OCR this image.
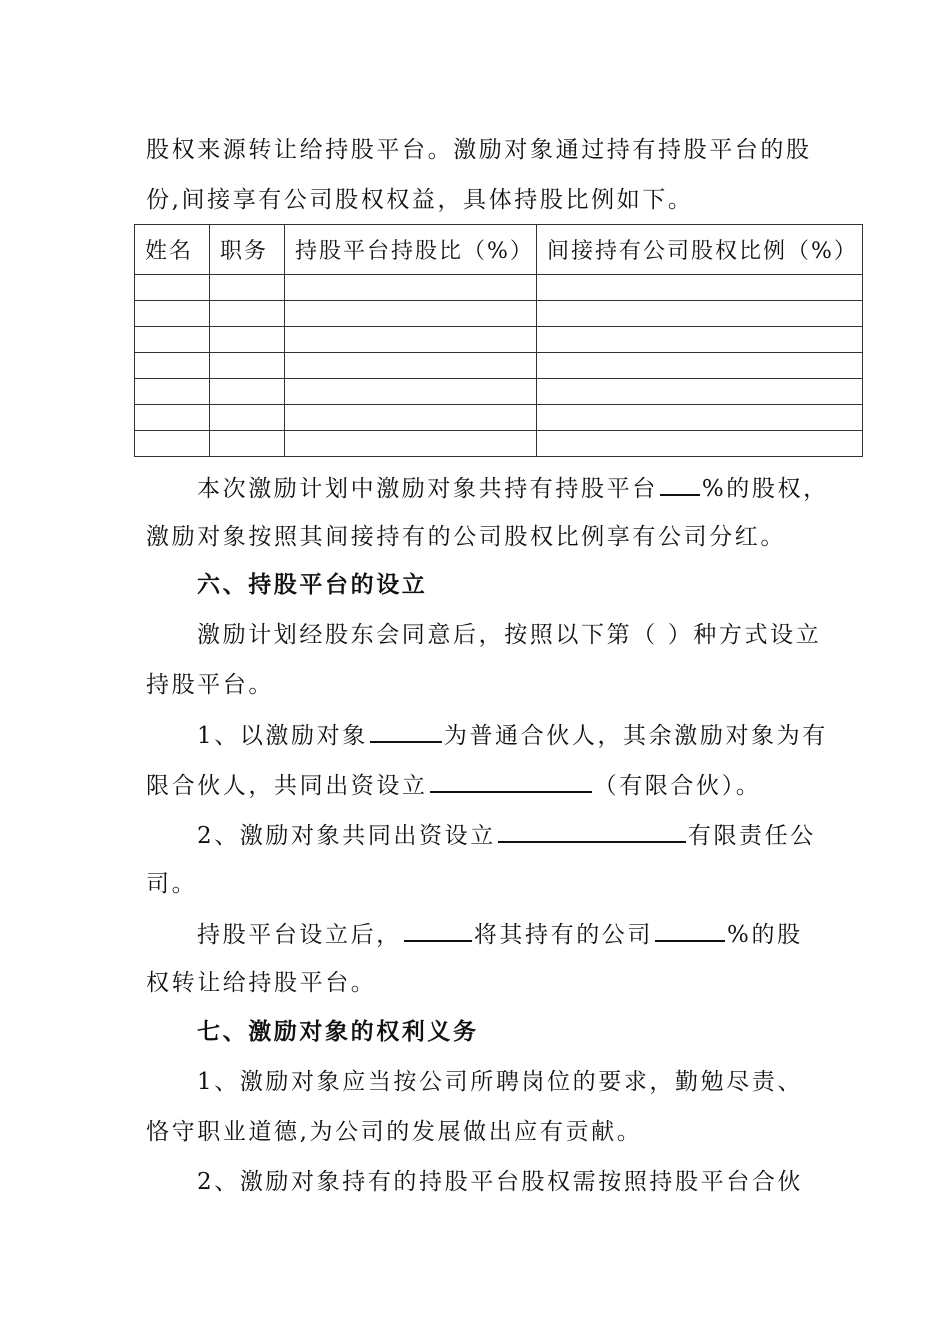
股权来源转让给持股平台。激励对象通过持有持股平台的股
份,间接享有公司股权权益，具体持股比例如下。
姓名	职务	持股平台持股比（%）	间接持有公司股权比例（%）

本次激励计划中激励对象共持有持股平台 %的股权，
激励对象按照其间接持有的公司股权比例享有公司分红。
六、持股平台的设立
激励计划经股东会同意后，按照以下第（ ）种方式设立
持股平台。
1、以激励对象	为普通合伙人，其余激励对象为有
限合伙人，共同出资设立	（有限合伙）。
2、激励对象共同出资设立	有限责任公
司。
持股平台设立后，	将其持有的公司	%的股
权转让给持股平台。
七、激励对象的权利义务
1、激励对象应当按公司所聘岗位的要求，勤勉尽责、
恪守职业道德,为公司的发展做出应有贡献。
2、激励对象持有的持股平台股权需按照持股平台合伙
